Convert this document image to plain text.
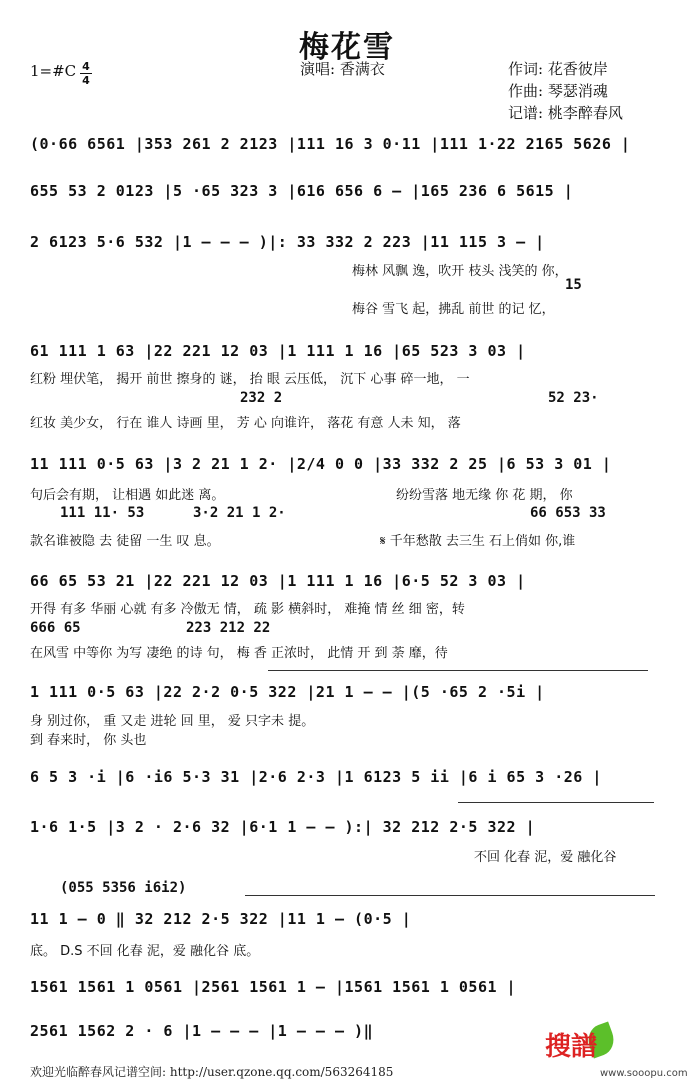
梅花雪
1=#C 4
4
演唱: 香满衣	作词: 花香彼岸
作曲: 琴瑟消魂
记谱: 桃李醉春风
(0·66 6561 |353 261 2 2123 |111 16 3 0·11 |111 1·22 2165 5626 |
655 53 2 0123 |5 ·65 323 3 |616 656 6 – |165 236 6 5615 |
2 6123 5·6 532 |1 – – – )|: 33 332 2 223 |11 115 3 – |
梅林 风飘 逸，吹开 枝头 浅笑的 你，
15
梅谷 雪飞 起，拂乱 前世 的记 忆，
61 111 1 63 |22 221 12 03 |1 111 1 16 |65 523 3 03 |
红粉 埋伏笔， 揭开 前世 擦身的 谜， 抬 眼 云压低， 沉下 心事 碎一地， 一
232 2	52 23·
红妆 美少女， 行在 谁人 诗画 里， 芳 心 向谁许， 落花 有意 人未 知， 落
11 111 0·5 63 |3 2 21 1 2· |2/4 0 0 |33 332 2 25 |6 53 3 01 |
句后会有期， 让相遇 如此迷 离。	纷纷雪落 地无缘 你 花 期， 你
111 11· 53	3·2 21 1 2·	66 653 33
款名谁被隐 去 徒留 一生 叹 息。	𝄋 千年愁散 去三生 石上俏如 你,谁
66 65 53 21 |22 221 12 03 |1 111 1 16 |6·5 52 3 03 |
开得 有多 华丽 心就 有多 冷傲无 情， 疏 影 横斜时， 难掩 情 丝 细 密，转
666 65	223 212 22
在风雪 中等你 为写 凄绝 的诗 句， 梅 香 正浓时， 此情 开 到 荼 靡，待
1 111 0·5 63 |22 2·2 0·5 322 |21 1 – – |(5 ·65 2 ·5i |
身 别过你， 重 又走 进轮 回 里， 爱 只字未 提。
到 春来时， 你 头也
6 5 3 ·i |6 ·i6 5·3 31 |2·6 2·3 |1 6123 5 ii |6 i 65 3 ·26 |
1·6 1·5 |3 2 · 2·6 32 |6·1 1 – – ):| 32 212 2·5 322 |
不回 化春 泥，爱 融化谷
(055 5356 i6i2)
11 1 – 0 ‖ 32 212 2·5 322 |11 1 – (0·5 |
底。 D.S 不回 化春 泥，爱 融化谷 底。
1561 1561 1 0561 |2561 1561 1 – |1561 1561 1 0561 |
2561 1562 2 · 6 |1 – – – |1 – – – )‖
搜譜
www.sooopu.com
欢迎光临醉春风记谱空间: http://user.qzone.qq.com/563264185
